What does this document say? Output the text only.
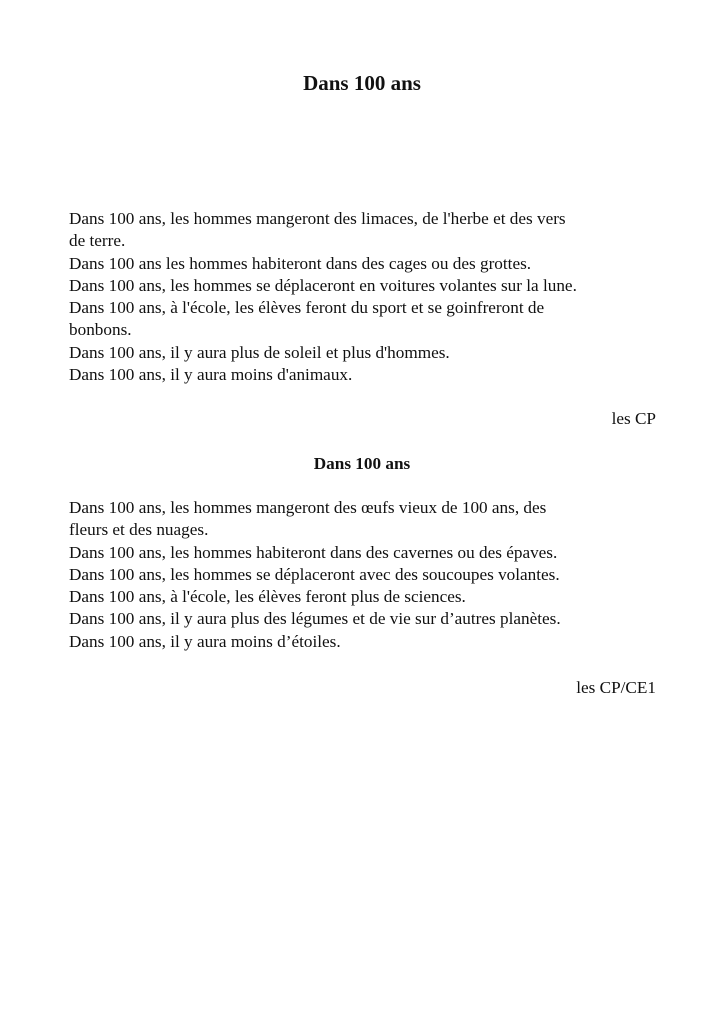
Dans 100 ans
Dans 100 ans, les hommes mangeront des limaces, de l'herbe et des vers
de terre.
Dans 100 ans les hommes habiteront dans des cages ou des grottes.
Dans 100 ans, les hommes se déplaceront en voitures volantes sur la lune.
Dans 100 ans, à l'école, les élèves feront du sport et se goinfreront de
bonbons.
Dans 100 ans, il y aura plus de soleil et plus d'hommes.
Dans 100 ans, il y aura moins d'animaux.
les CP
Dans 100 ans
Dans 100 ans, les hommes mangeront des œufs vieux de 100 ans, des
fleurs et des nuages.
Dans 100 ans, les hommes habiteront dans des cavernes ou des épaves.
Dans 100 ans, les hommes se déplaceront avec des soucoupes volantes.
Dans 100 ans, à l'école, les élèves feront plus de sciences.
Dans 100 ans, il y aura plus des légumes et de vie sur d’autres planètes.
Dans 100 ans, il y aura moins d’étoiles.
les CP/CE1
